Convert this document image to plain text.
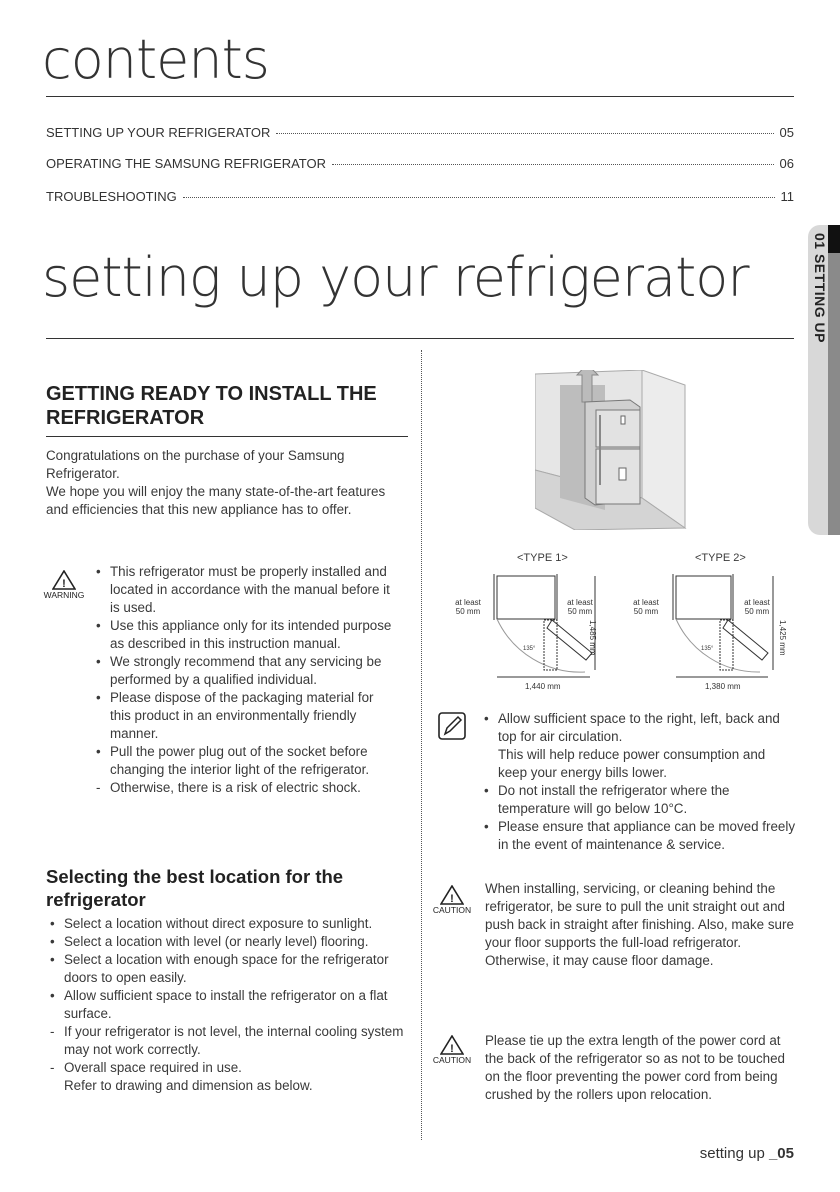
contents
SETTING UP YOUR REFRIGERATOR	05
OPERATING THE SAMSUNG REFRIGERATOR	06
TROUBLESHOOTING	11
01 SETTING UP
setting up your refrigerator
GETTING READY TO INSTALL THE REFRIGERATOR

Congratulations on the purchase of your Samsung Refrigerator.

We hope you will enjoy the many state-of-the-art features and efficiencies that this new appliance has to offer.

!
WARNING
• This refrigerator must be properly installed and located in accordance with the manual before it is used.
• Use this appliance only for its intended purpose as described in this instruction manual.
• We strongly recommend that any servicing be performed by a qualified individual.
• Please dispose of the packaging material for this product in an environmentally friendly manner.
• Pull the power plug out of the socket before changing the interior light of the refrigerator.
- Otherwise, there is a risk of electric shock.
Selecting the best location for the refrigerator
• Select a location without direct exposure to sunlight.
• Select a location with level (or nearly level) flooring.
• Select a location with enough space for the refrigerator doors to open easily.
• Allow sufficient space to install the refrigerator on a flat surface.
- If your refrigerator is not level, the internal cooling system may not work correctly.
- Overall space required in use.
Refer to drawing and dimension as below.
<TYPE 1>	<TYPE 2>
at least 50 mm
at least 50 mm
1,485 mm
1,440 mm
135°
at least 50 mm
at least 50 mm
1,425 mm
1,380 mm
135°
• Allow sufficient space to the right, left, back and top for air circulation.
This will help reduce power consumption and keep your energy bills lower.
• Do not install the refrigerator where the temperature will go below 10°C.
• Please ensure that appliance can be moved freely in the event of maintenance & service.
!
CAUTION

When installing, servicing, or cleaning behind the refrigerator, be sure to pull the unit straight out and push back in straight after finishing. Also, make sure your floor supports the full-load refrigerator.

Otherwise, it may cause floor damage.

!
CAUTION

Please tie up the extra length of the power cord at the back of the refrigerator so as not to be touched on the floor preventing the power cord from being crushed by the rollers upon relocation.

setting up _05
